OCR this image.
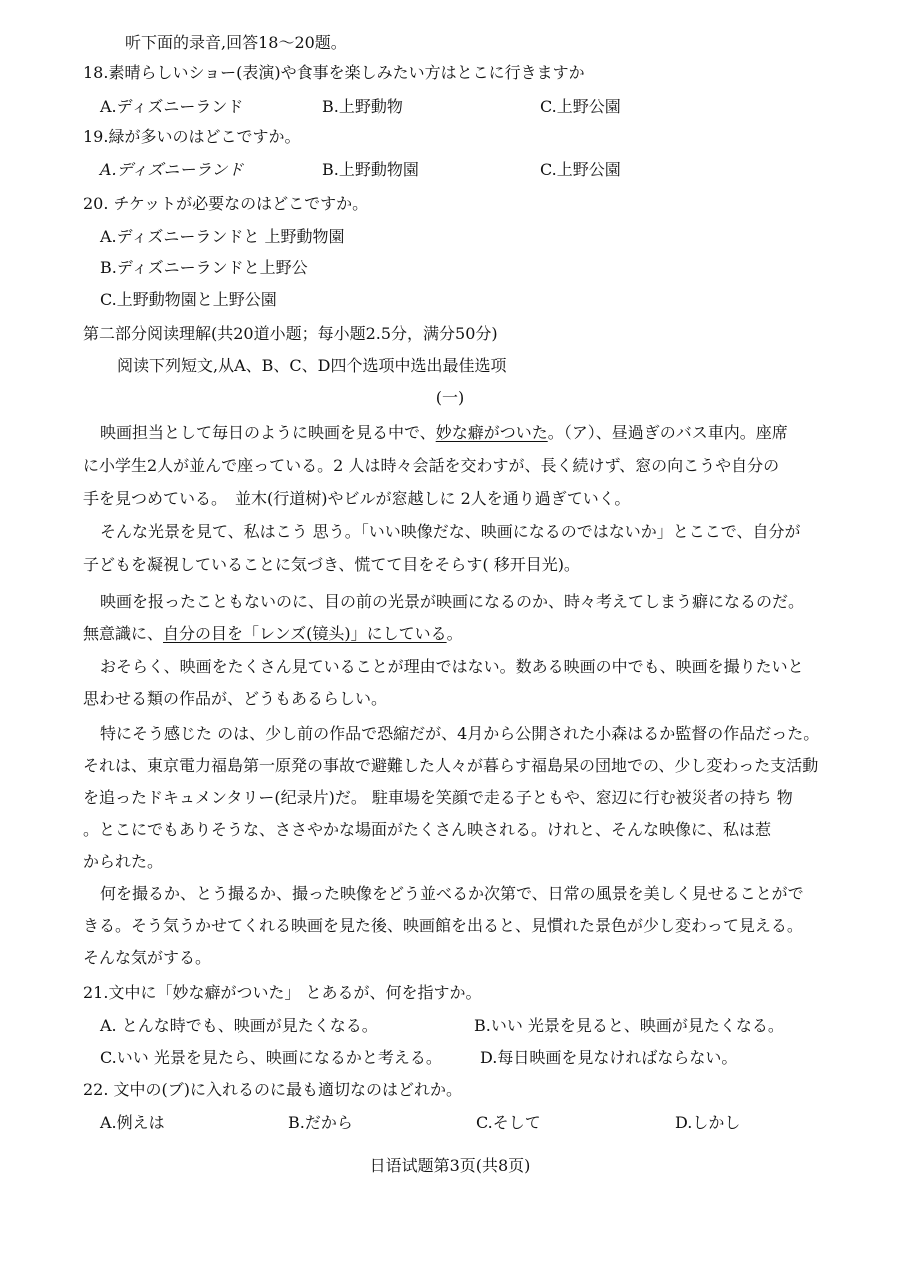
听下面的录音,回答18～20题。
18.素晴らしいショー(表演)や食事を楽しみたい方はとこに行きますか
A.ディズニーランド	B.上野動物	C.上野公園
19.緑が多いのはどこですか。
A.ディズニーランド	B.上野動物園	C.上野公園
20. チケットが必要なのはどこですか。
A.ディズニーランドと 上野動物園
B.ディズニーランドと上野公
C.上野動物園と上野公園
第二部分阅读理解(共20道小题；每小题2.5分，满分50分)
阅读下列短文,从A、B、C、D四个选项中选出最佳选项
(一)
映画担当として毎日のように映画を見る中で、妙な癖がついた。（ア）、昼過ぎのバス車内。座席
に小学生2人が並んで座っている。2 人は時々会話を交わすが、長く続けず、窓の向こうや自分の
手を見つめている。　並木(行道树)やビルが窓越しに 2人を通り過ぎていく。
そんな光景を見て、私はこう 思う。「いい映像だな、映画になるのではないか」とここで、自分が
子どもを凝視していることに気づき、慌てて目をそらす( 移开目光)。
映画を报ったこともないのに、目の前の光景が映画になるのか、時々考えてしまう癖になるのだ。
無意識に、自分の目を「レンズ(镜头)」にしている。
おそらく、映画をたくさん見ていることが理由ではない。数ある映画の中でも、映画を撮りたいと
思わせる類の作品が、どうもあるらしい。
特にそう感じた のは、少し前の作品で恐縮だが、4月から公開された小森はるか監督の作品だった。
それは、東京電力福島第一原発の事故で避難した人々が暮らす福島杲の団地での、少し変わった支活動
を追ったドキュメンタリー(纪录片)だ。 駐車場を笑顔で走る子ともや、窓辺に行む被災者の持ち 物
。とこにでもありそうな、ささやかな場面がたくさん映される。けれと、そんな映像に、私は惹
かられた。
何を撮るか、とう撮るか、撮った映像をどう並べるか次第で、日常の風景を美しく見せることがで
きる。そう気うかせてくれる映画を見た後、映画館を出ると、見慣れた景色が少し変わって見える。
そんな気がする。
21.文中に「妙な癖がついた」 とあるが、何を指すか。
A. とんな時でも、映画が見たくなる。	B.いい 光景を見ると、映画が見たくなる。
C.いい 光景を見たら、映画になるかと考える。 D.每日映画を見なければならない。
22. 文中の(ブ)に入れるのに最も適切なのはどれか。
A.例えは	B.だから	C.そして	D.しかし
日语试题第3页(共8页)
